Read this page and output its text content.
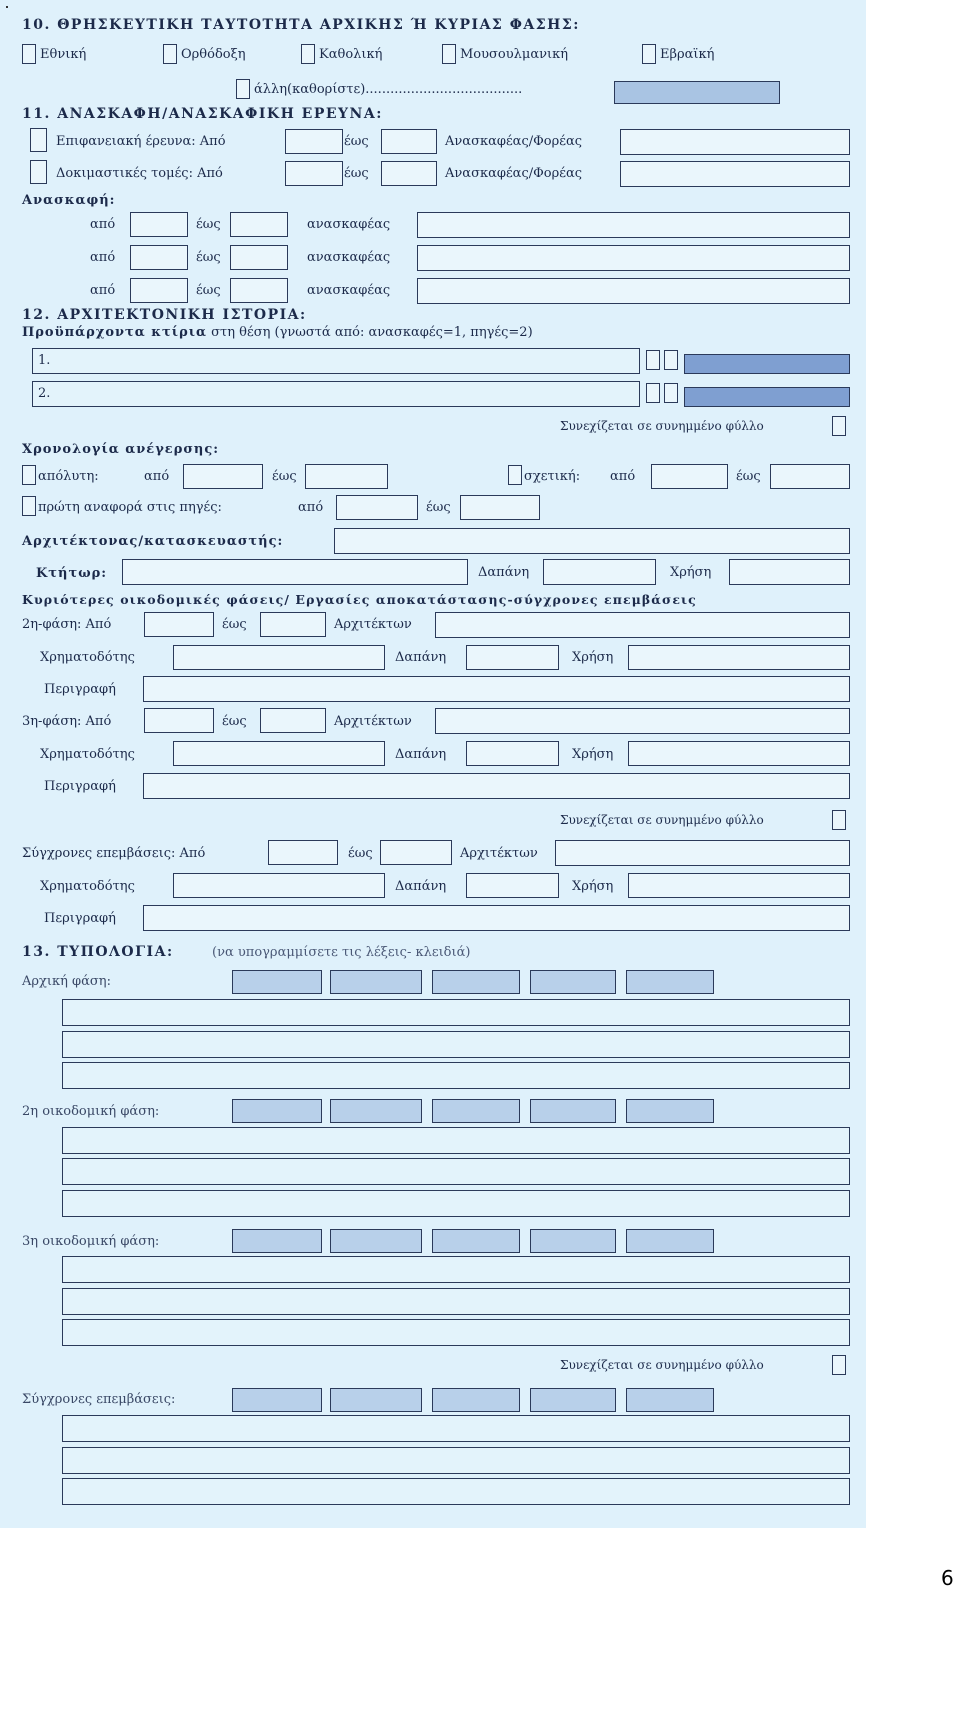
10. ΘΡΗΣΚΕΥΤΙΚΗ ΤΑΥΤΟΤΗΤΑ ΑΡΧΙΚΗΣ Ή ΚΥΡΙΑΣ ΦΑΣΗΣ:
Εθνική	Ορθόδοξη	Καθολική	Μουσουλμανική	Εβραϊκή
άλλη(καθορίστε)......................................
11. ΑΝΑΣΚΑΦΗ/ΑΝΑΣΚΑΦΙΚΗ ΕΡΕΥΝΑ:
Επιφανειακή έρευνα: Από	έως	Ανασκαφέας/Φορέας
Δοκιμαστικές τομές: Από	έως	Ανασκαφέας/Φορέας
Ανασκαφή:
από	έως	ανασκαφέας
από	έως	ανασκαφέας
από	έως	ανασκαφέας
12. ΑΡΧΙΤΕΚΤΟΝΙΚΗ ΙΣΤΟΡΙΑ:
Προϋπάρχοντα κτίρια στη θέση (γνωστά από: ανασκαφές=1, πηγές=2)
1.
2.
Συνεχίζεται σε συνημμένο φύλλο
Χρονολογία ανέγερσης:
απόλυτη:	από	έως	σχετική: από	έως
πρώτη αναφορά στις πηγές:	από	έως
Αρχιτέκτονας/κατασκευαστής:
Κτήτωρ:	Δαπάνη	Χρήση
Κυριότερες οικοδομικές φάσεις/ Εργασίες αποκατάστασης-σύγχρονες επεμβάσεις
2η-φάση: Από	έως	Αρχιτέκτων
Χρηματοδότης	Δαπάνη	Χρήση
Περιγραφή
3η-φάση: Από	έως	Αρχιτέκτων
Χρηματοδότης	Δαπάνη	Χρήση
Περιγραφή
Συνεχίζεται σε συνημμένο φύλλο
Σύγχρονες επεμβάσεις: Από	έως	Αρχιτέκτων
Χρηματοδότης	Δαπάνη	Χρήση
Περιγραφή
13. ΤΥΠΟΛΟΓΙΑ:	(να υπογραμμίσετε τις λέξεις- κλειδιά)
Αρχική φάση:
2η οικοδομική φάση:
3η οικοδομική φάση:
Συνεχίζεται σε συνημμένο φύλλο
Σύγχρονες επεμβάσεις:
6
